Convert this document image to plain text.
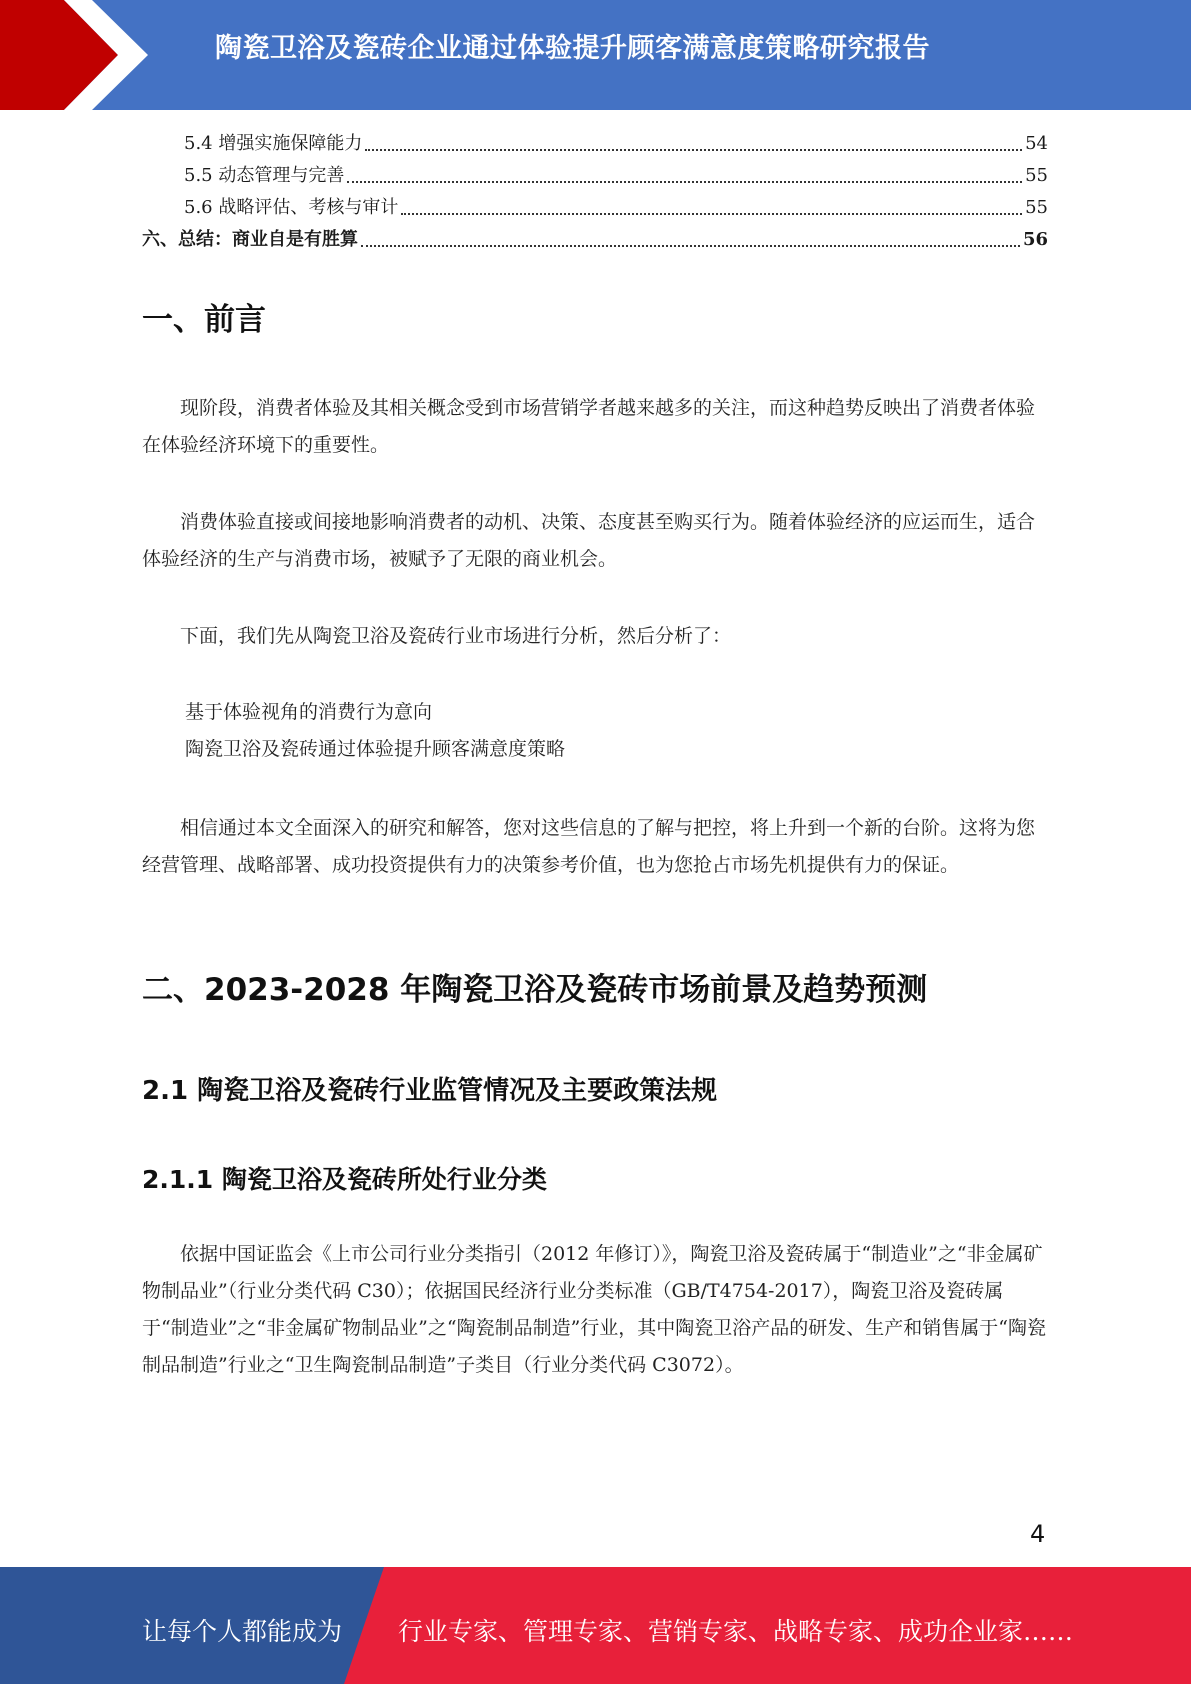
陶瓷卫浴及瓷砖企业通过体验提升顾客满意度策略研究报告
5.4 增强实施保障能力	54
5.5 动态管理与完善	55
5.6 战略评估、考核与审计	55
六、总结：商业自是有胜算	56
一、前言

现阶段，消费者体验及其相关概念受到市场营销学者越来越多的关注，而这种趋势反映出了消费者体验在体验经济环境下的重要性。

消费体验直接或间接地影响消费者的动机、决策、态度甚至购买行为。随着体验经济的应运而生，适合体验经济的生产与消费市场，被赋予了无限的商业机会。

下面，我们先从陶瓷卫浴及瓷砖行业市场进行分析，然后分析了：

基于体验视角的消费行为意向
陶瓷卫浴及瓷砖通过体验提升顾客满意度策略

相信通过本文全面深入的研究和解答，您对这些信息的了解与把控，将上升到一个新的台阶。这将为您经营管理、战略部署、成功投资提供有力的决策参考价值，也为您抢占市场先机提供有力的保证。

二、2023-2028 年陶瓷卫浴及瓷砖市场前景及趋势预测
2.1 陶瓷卫浴及瓷砖行业监管情况及主要政策法规
2.1.1 陶瓷卫浴及瓷砖所处行业分类

依据中国证监会《上市公司行业分类指引（2012 年修订）》，陶瓷卫浴及瓷砖属于“制造业”之“非金属矿物制品业”（行业分类代码 C30）；依据国民经济行业分类标准（GB/T4754-2017），陶瓷卫浴及瓷砖属于“制造业”之“非金属矿物制品业”之“陶瓷制品制造”行业，其中陶瓷卫浴产品的研发、生产和销售属于“陶瓷制品制造”行业之“卫生陶瓷制品制造”子类目（行业分类代码 C3072）。

4
让每个人都能成为 行业专家、管理专家、营销专家、战略专家、成功企业家……
